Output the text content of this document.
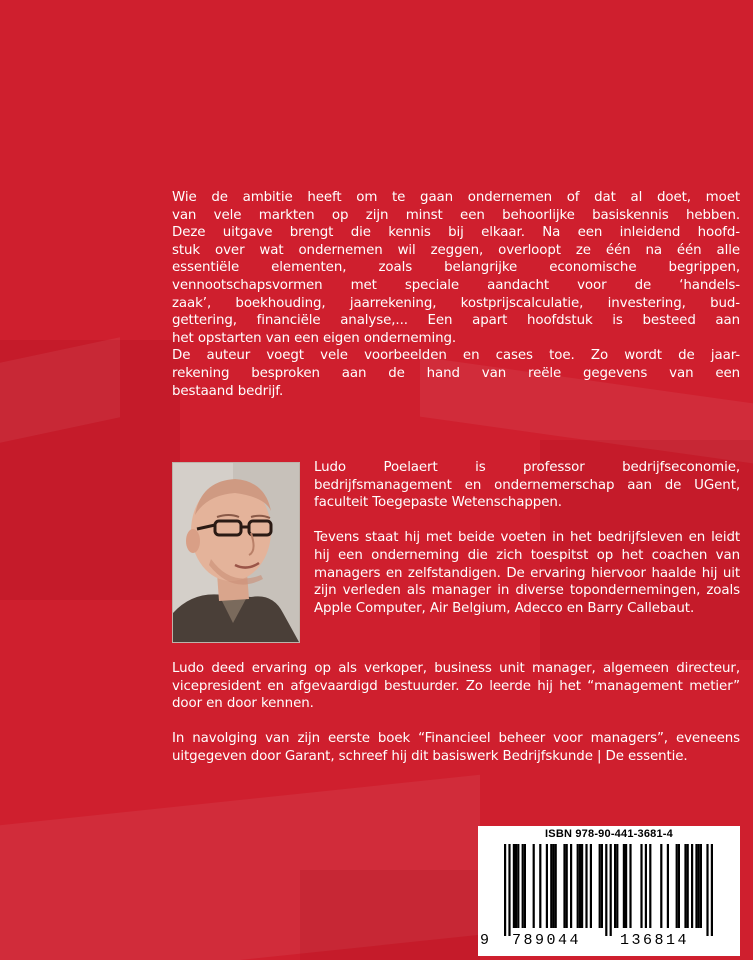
Wie de ambitie heeft om te gaan ondernemen of dat al doet, moet

van vele markten op zijn minst een behoorlijke basiskennis hebben.

Deze uitgave brengt die kennis bij elkaar. Na een inleidend hoofd-

stuk over wat ondernemen wil zeggen, overloopt ze één na één alle

essentiële elementen, zoals belangrijke economische begrippen,

vennootschapsvormen met speciale aandacht voor de ‘handels-

zaak’, boekhouding, jaarrekening, kostprijscalculatie, investering, bud-

gettering, financiële analyse,... Een apart hoofdstuk is besteed aan

het opstarten van een eigen onderneming.

De auteur voegt vele voorbeelden en cases toe. Zo wordt de jaar-

rekening besproken aan de hand van reële gegevens van een

bestaand bedrijf.

Ludo Poelaert is professor bedrijfseconomie, bedrijfsmanagement en ondernemerschap aan de UGent, faculteit Toegepaste Wetenschappen.

Tevens staat hij met beide voeten in het bedrijfsleven en leidt hij een onderneming die zich toespitst op het coachen van managers en zelfstandigen. De ervaring hiervoor haalde hij uit zijn verleden als manager in diverse topondernemingen, zoals Apple Computer, Air Belgium, Adecco en Barry Callebaut.

Ludo deed ervaring op als verkoper, business unit manager, algemeen directeur, vicepresident en afgevaardigd bestuurder. Zo leerde hij het “management metier” door en door kennen.

In navolging van zijn eerste boek “Financieel beheer voor managers”, eveneens uitgegeven door Garant, schreef hij dit basiswerk Bedrijfskunde | De essentie.

ISBN 978-90-441-3681-4
9 789044	136814
